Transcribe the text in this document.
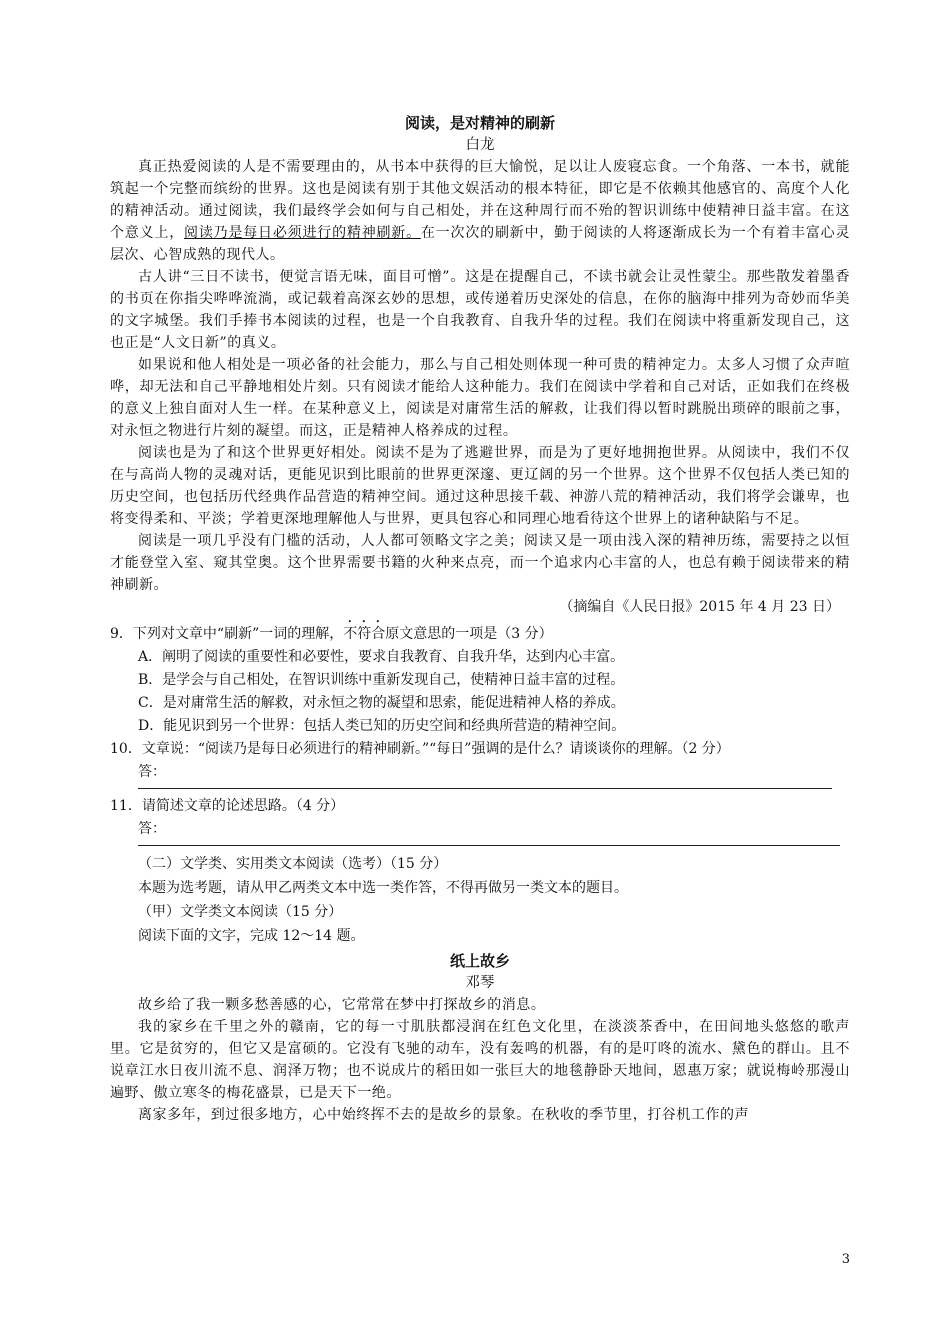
阅读，是对精神的刷新

白龙

真正热爱阅读的人是不需要理由的，从书本中获得的巨大愉悦，足以让人废寝忘食。一个角落、一本书，就能筑起一个完整而缤纷的世界。这也是阅读有别于其他文娱活动的根本特征，即它是不依赖其他感官的、高度个人化的精神活动。通过阅读，我们最终学会如何与自己相处，并在这种周行而不殆的智识训练中使精神日益丰富。在这个意义上，阅读乃是每日必须进行的精神刷新。在一次次的刷新中，勤于阅读的人将逐渐成长为一个有着丰富心灵层次、心智成熟的现代人。

古人讲“三日不读书，便觉言语无味，面目可憎”。这是在提醒自己，不读书就会让灵性蒙尘。那些散发着墨香的书页在你指尖哗哗流淌，或记载着高深玄妙的思想，或传递着历史深处的信息，在你的脑海中排列为奇妙而华美的文字城堡。我们手捧书本阅读的过程，也是一个自我教育、自我升华的过程。我们在阅读中将重新发现自己，这也正是“人文日新”的真义。

如果说和他人相处是一项必备的社会能力，那么与自己相处则体现一种可贵的精神定力。太多人习惯了众声喧哗，却无法和自己平静地相处片刻。只有阅读才能给人这种能力。我们在阅读中学着和自己对话，正如我们在终极的意义上独自面对人生一样。在某种意义上，阅读是对庸常生活的解救，让我们得以暂时跳脱出琐碎的眼前之事，对永恒之物进行片刻的凝望。而这，正是精神人格养成的过程。

阅读也是为了和这个世界更好相处。阅读不是为了逃避世界，而是为了更好地拥抱世界。从阅读中，我们不仅在与高尚人物的灵魂对话，更能见识到比眼前的世界更深邃、更辽阔的另一个世界。这个世界不仅包括人类已知的历史空间，也包括历代经典作品营造的精神空间。通过这种思接千载、神游八荒的精神活动，我们将学会谦卑，也将变得柔和、平淡；学着更深地理解他人与世界，更具包容心和同理心地看待这个世界上的诸种缺陷与不足。

阅读是一项几乎没有门槛的活动，人人都可领略文字之美；阅读又是一项由浅入深的精神历练，需要持之以恒才能登堂入室、窥其堂奥。这个世界需要书籍的火种来点亮，而一个追求内心丰富的人，也总有赖于阅读带来的精神刷新。

（摘编自《人民日报》2015 年 4 月 23 日）

9．下列对文章中“刷新”一词的理解，不符合原文意思的一项是（3 分）

A．阐明了阅读的重要性和必要性，要求自我教育、自我升华，达到内心丰富。

B．是学会与自己相处，在智识训练中重新发现自己，使精神日益丰富的过程。

C．是对庸常生活的解救，对永恒之物的凝望和思索，能促进精神人格的养成。

D．能见识到另一个世界：包括人类已知的历史空间和经典所营造的精神空间。

10．文章说：“阅读乃是每日必须进行的精神刷新。”“每日”强调的是什么？请谈谈你的理解。（2 分）

答：

11．请简述文章的论述思路。（4 分）

答：

（二）文学类、实用类文本阅读（选考）（15 分）

本题为选考题，请从甲乙两类文本中选一类作答，不得再做另一类文本的题目。

（甲）文学类文本阅读（15 分）

阅读下面的文字，完成 12～14 题。

纸上故乡

邓琴

故乡给了我一颗多愁善感的心，它常常在梦中打探故乡的消息。

我的家乡在千里之外的赣南，它的每一寸肌肤都浸润在红色文化里，在淡淡茶香中，在田间地头悠悠的歌声里。它是贫穷的，但它又是富硕的。它没有飞驰的动车，没有轰鸣的机器，有的是叮咚的流水、黛色的群山。且不说章江水日夜川流不息、润泽万物；也不说成片的稻田如一张巨大的地毯静卧天地间，恩惠万家；就说梅岭那漫山遍野、傲立寒冬的梅花盛景，已是天下一绝。

离家多年，到过很多地方，心中始终挥不去的是故乡的景象。在秋收的季节里，打谷机工作的声

3
